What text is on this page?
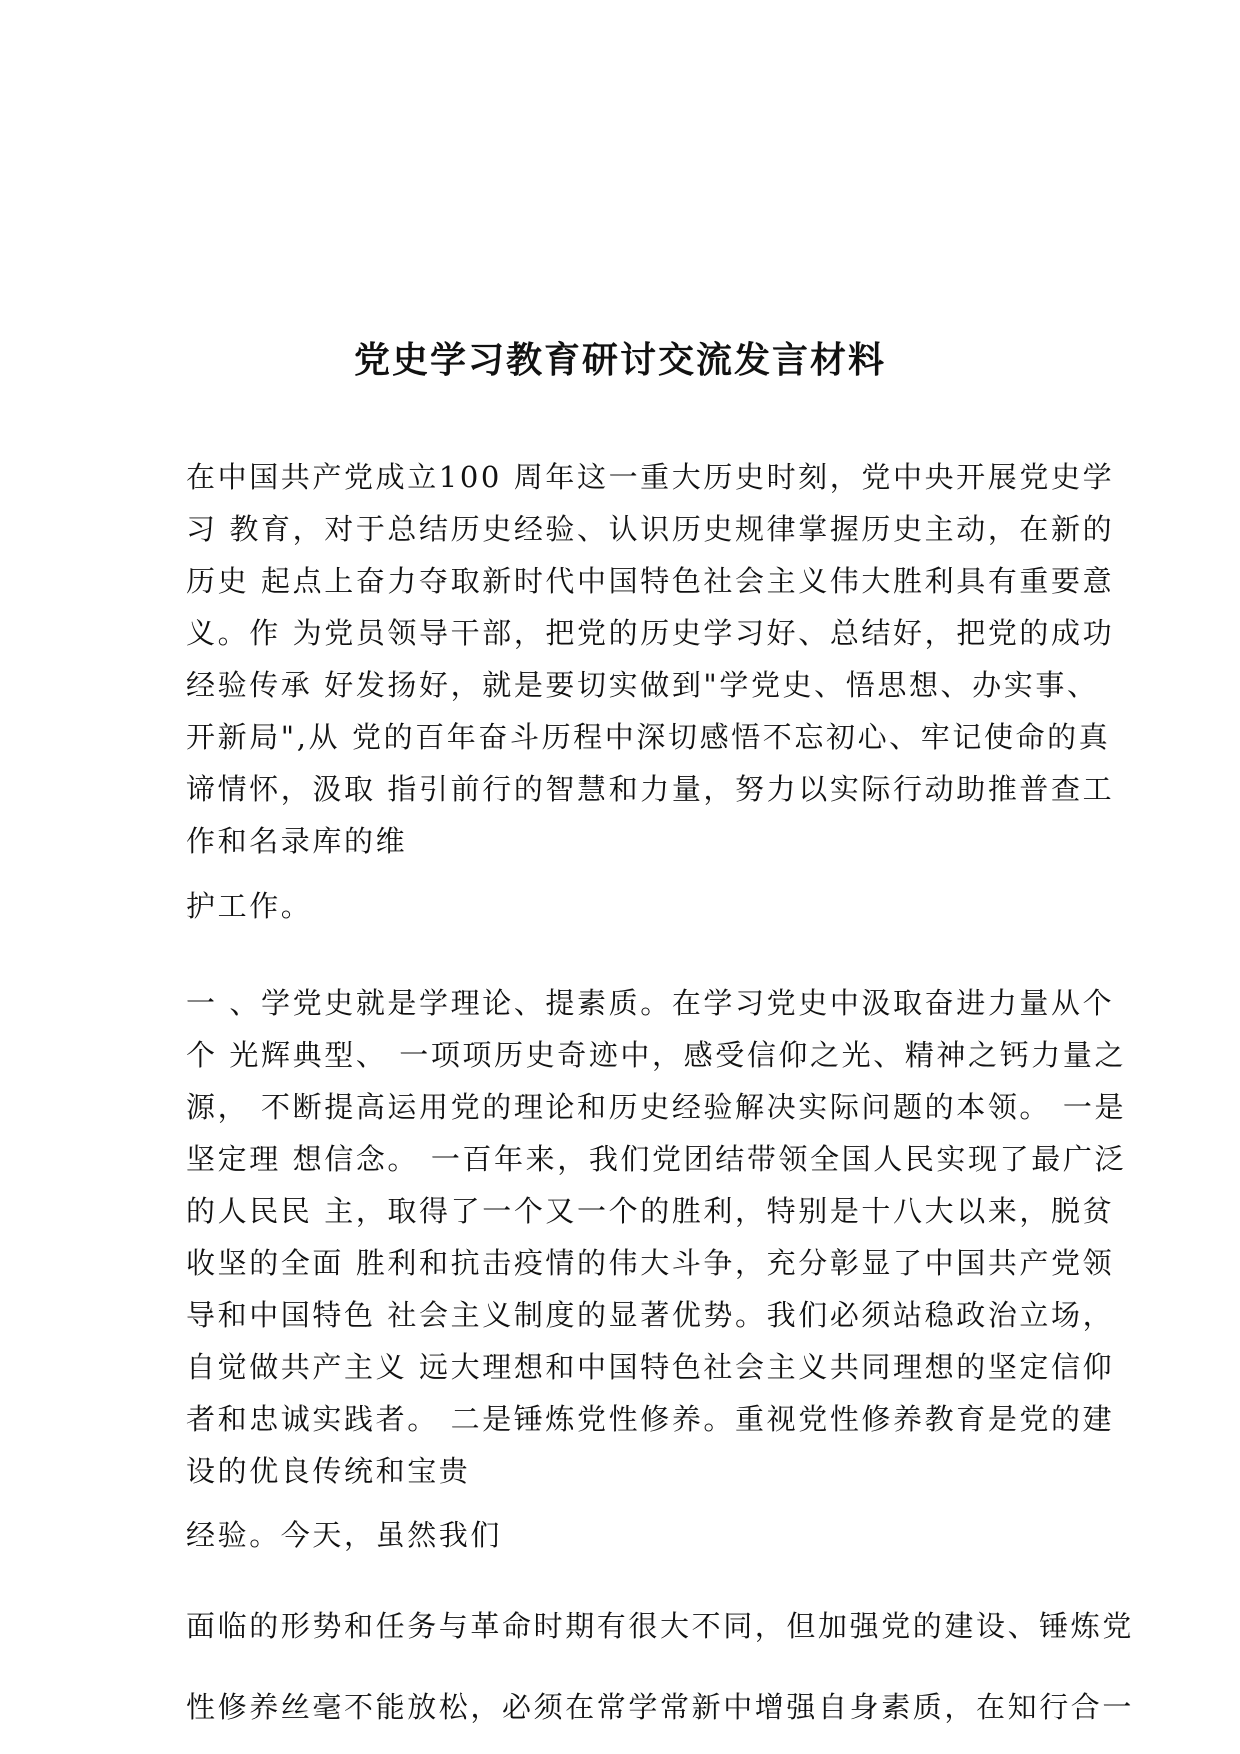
党史学习教育研讨交流发言材料
在中国共产党成立100 周年这一重大历史时刻，党中央开展党史学
习 教育，对于总结历史经验、认识历史规律掌握历史主动，在新的
历史 起点上奋力夺取新时代中国特色社会主义伟大胜利具有重要意
义。作 为党员领导干部，把党的历史学习好、总结好，把党的成功
经验传承 好发扬好，就是要切实做到"学党史、悟思想、办实事、
开新局",从 党的百年奋斗历程中深切感悟不忘初心、牢记使命的真
谛情怀，汲取 指引前行的智慧和力量，努力以实际行动助推普查工
作和名录库的维
护工作。
一 、学党史就是学理论、提素质。在学习党史中汲取奋进力量从个
个 光辉典型、 一项项历史奇迹中，感受信仰之光、精神之钙力量之
源， 不断提高运用党的理论和历史经验解决实际问题的本领。 一是
坚定理 想信念。 一百年来，我们党团结带领全国人民实现了最广泛
的人民民 主，取得了一个又一个的胜利，特别是十八大以来，脱贫
收坚的全面 胜利和抗击疫情的伟大斗争，充分彰显了中国共产党领
导和中国特色 社会主义制度的显著优势。我们必须站稳政治立场，
自觉做共产主义 远大理想和中国特色社会主义共同理想的坚定信仰
者和忠诚实践者。 二是锤炼党性修养。重视党性修养教育是党的建
设的优良传统和宝贵
经验。今天，虽然我们
面临的形势和任务与革命时期有很大不同，但加强党的建设、锤炼党
性修养丝毫不能放松，必须在常学常新中增强自身素质，在知行合一
